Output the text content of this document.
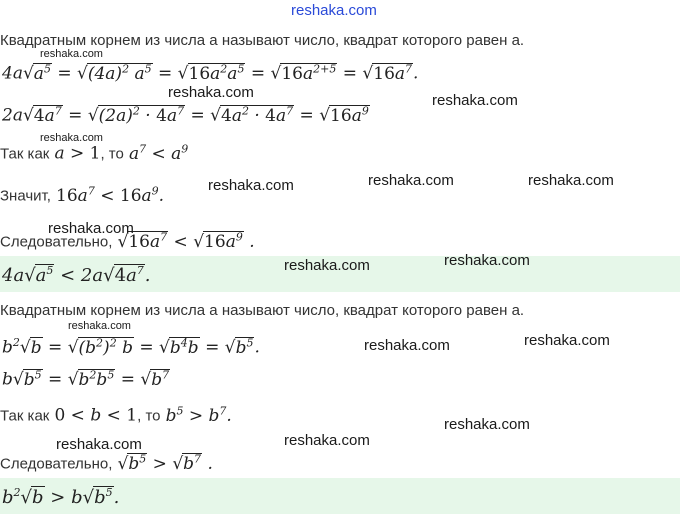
reshaka.com
Квадратным корнем из числа a называют число, квадрат которого равен a.
$4a√a^5 = √(4a)^2$ $a^5 = √16a^2a^5 = √16a^{2+5} = √16a^7$.
$2a√4a^7 = √(2a)^2 \cdot 4a^7 = √4a^2 \cdot 4a^7 = √16a^9$
Так как a > 1, то $a^7 < a^9$
Значит, $16a^7 < 16a^9$.
Следовательно, $√16a^7 < √16a^9$ .
$4a√a^5 < 2a√4a^7$.
Квадратным корнем из числа a называют число, квадрат которого равен a.
$b^2√b = √(b^2)^2$ $b = √b^4b = √b^5$.
$b√b^5 = √b^2b^5 = √b^7$
Так как 0 < b < 1, то $b^5 > b^7$.
Следовательно, $√b^5 > √b^7$ .
$b^2√b > b√b^5$.
reshaka.com
reshaka.com	reshaka.com
reshaka.com
reshaka.com	reshaka.com	reshaka.com
reshaka.com
reshaka.com	reshaka.com
reshaka.com
reshaka.com	reshaka.com
reshaka.com	reshaka.com
reshaka.com
